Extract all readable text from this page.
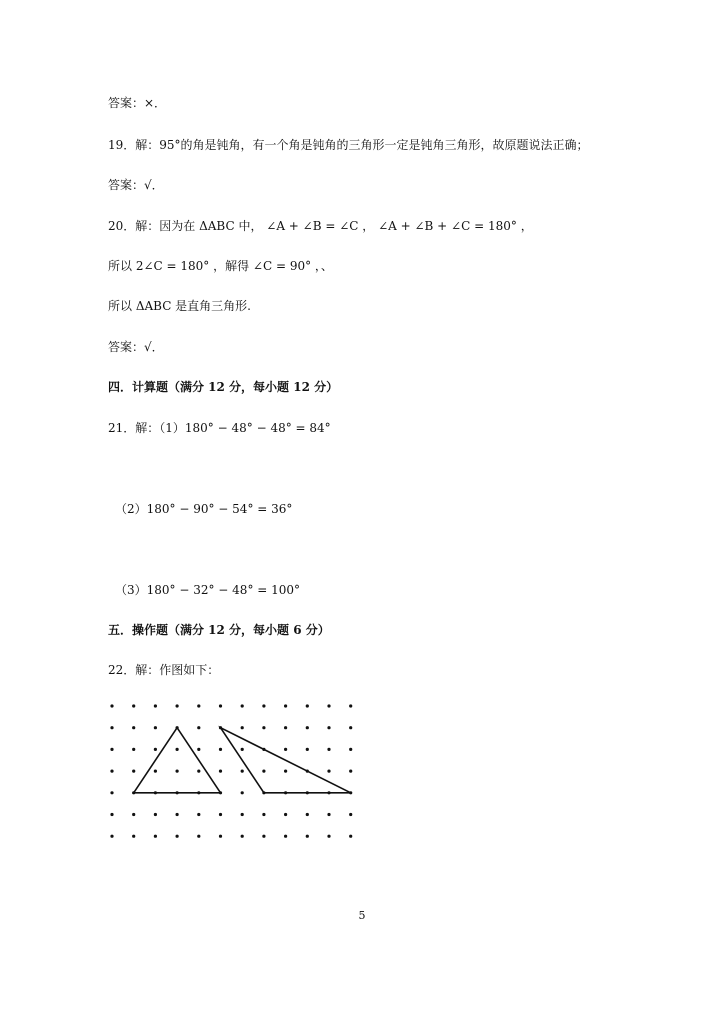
答案：×．
19．解：95°的角是钝角，有一个角是钝角的三角形一定是钝角三角形，故原题说法正确；
答案：√．
20．解：因为在 ΔABC 中， ∠A + ∠B = ∠C ， ∠A + ∠B + ∠C = 180° ，
所以 2∠C = 180° ，解得 ∠C = 90° ，、
所以 ΔABC 是直角三角形.
答案：√．
四．计算题（满分 12 分，每小题 12 分）
21．解：（1）180° − 48° − 48° = 84°
（2）180° − 90° − 54° = 36°
（3）180° − 32° − 48° = 100°
五．操作题（满分 12 分，每小题 6 分）
22．解：作图如下：
5
